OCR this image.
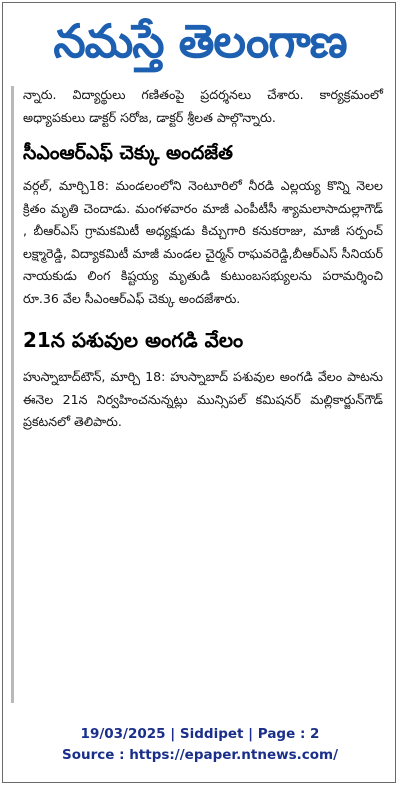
నమస్తే తెలంగాణ

న్నారు. విద్యార్థులు గణితంపై ప్రదర్శనలు చేశారు. కార్యక్రమంలో అధ్యాపకులు డాక్టర్ సరోజ, డాక్టర్ శ్రీలత పాల్గొన్నారు.

సీఎంఆర్ఎఫ్ చెక్కు అందజేత

వర్గల్, మార్చి18: మండలంలోని నెంటూరిలో నీరడి ఎల్లయ్య కొన్ని నెలల క్రితం మృతి చెందాడు. మంగళవారం మాజీ ఎంపీటీసీ శ్యామలాసాదుల్లాగౌడ్ , బీఆర్ఎస్ గ్రామకమిటీ అధ్యక్షుడు కిచ్చుగారి కనుకరాజు, మాజీ సర్పంచ్ లక్ష్మారెడ్డి, విద్యాకమిటీ మాజీ మండల చైర్మన్ రాఘవరెడ్డి,బీఆర్ఎస్ సీనియర్ నాయకుడు లింగ కిష్టయ్య మృతుడి కుటుంబసభ్యులను పరామర్శించి రూ.36 వేల సీఎంఆర్ఎఫ్ చెక్కు అందజేశారు.

21న పశువుల అంగడి వేలం

హుస్నాబాద్‌టౌన్, మార్చి 18: హుస్నాబాద్ పశువుల అంగడి వేలం పాటను ఈనెల 21న నిర్వహించనున్నట్లు మున్సిపల్ కమిషనర్ మల్లికార్జున్‌గౌడ్ ప్రకటనలో తెలిపారు.

19/03/2025 | Siddipet | Page : 2
Source : https://epaper.ntnews.com/
